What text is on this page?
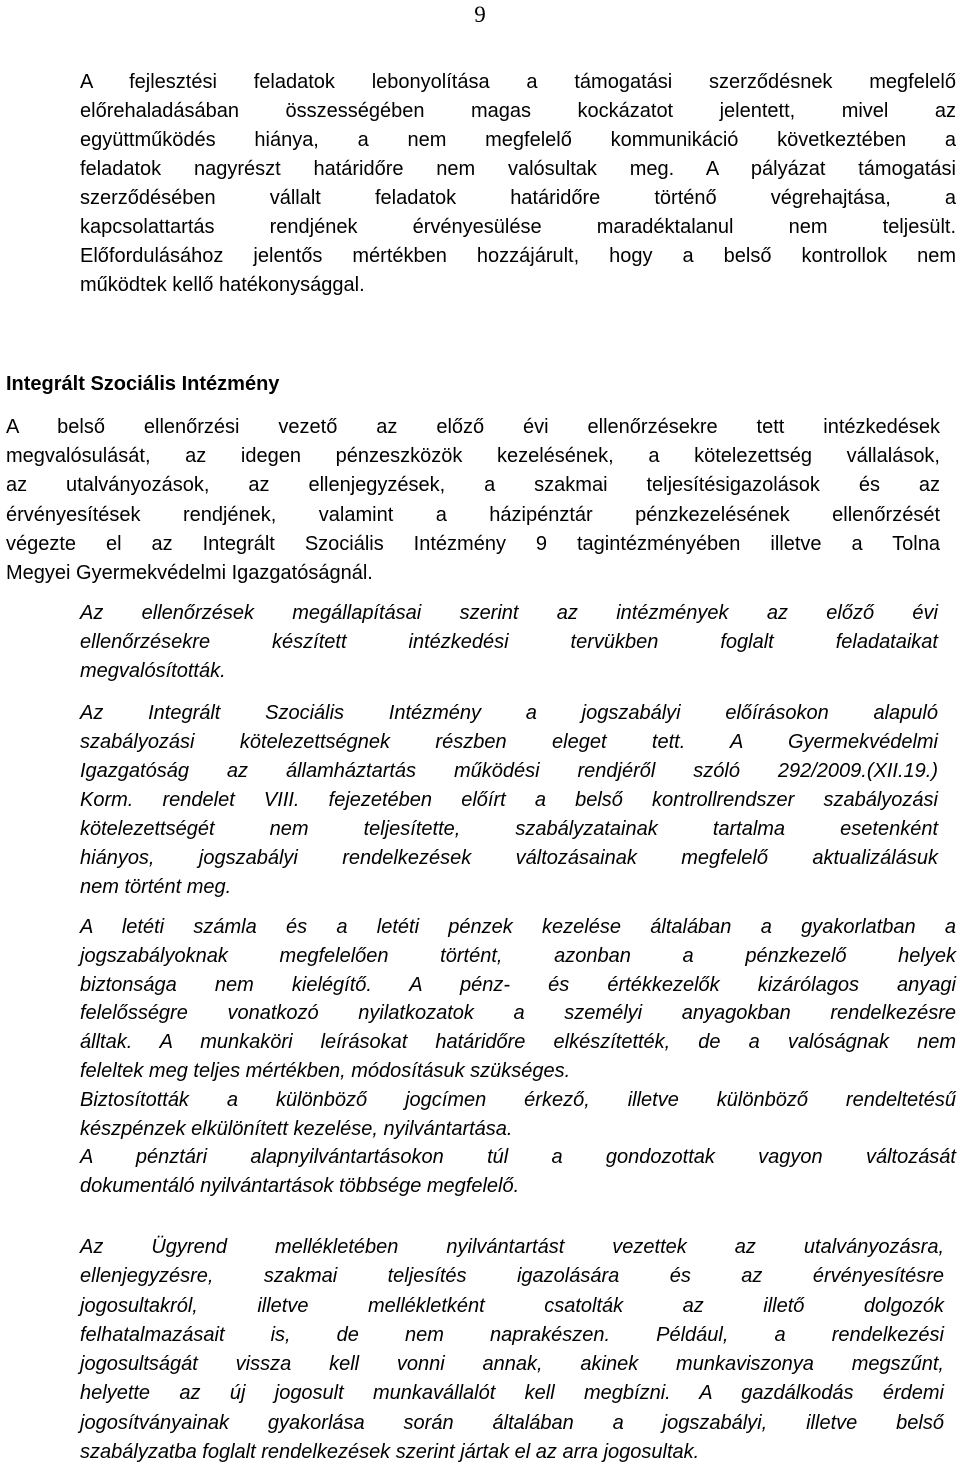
9
A fejlesztési feladatok lebonyolítása a támogatási szerződésnek megfelelő
előrehaladásában összességében magas kockázatot jelentett, mivel az
együttműködés hiánya, a nem megfelelő kommunikáció következtében a
feladatok nagyrészt határidőre nem valósultak meg. A pályázat támogatási
szerződésében vállalt feladatok határidőre történő végrehajtása, a
kapcsolattartás rendjének érvényesülése maradéktalanul nem teljesült.
Előfordulásához jelentős mértékben hozzájárult, hogy a belső kontrollok nem
működtek kellő hatékonysággal.
Integrált Szociális Intézmény
A belső ellenőrzési vezető az előző évi ellenőrzésekre tett intézkedések
megvalósulását, az idegen pénzeszközök kezelésének, a kötelezettség vállalások,
az utalványozások, az ellenjegyzések, a szakmai teljesítésigazolások és az
érvényesítések rendjének, valamint a házipénztár pénzkezelésének ellenőrzését
végezte el az Integrált Szociális Intézmény 9 tagintézményében illetve a Tolna
Megyei Gyermekvédelmi Igazgatóságnál.
Az ellenőrzések megállapításai szerint az intézmények az előző évi
ellenőrzésekre készített intézkedési tervükben foglalt feladataikat
megvalósították.
Az Integrált Szociális Intézmény a jogszabályi előírásokon alapuló
szabályozási kötelezettségnek részben eleget tett. A Gyermekvédelmi
Igazgatóság az államháztartás működési rendjéről szóló 292/2009.(XII.19.)
Korm. rendelet VIII. fejezetében előírt a belső kontrollrendszer szabályozási
kötelezettségét nem teljesítette, szabályzatainak tartalma esetenként
hiányos, jogszabályi rendelkezések változásainak megfelelő aktualizálásuk
nem történt meg.
A letéti számla és a letéti pénzek kezelése általában a gyakorlatban a
jogszabályoknak megfelelően történt, azonban a pénzkezelő helyek
biztonsága nem kielégítő. A pénz- és értékkezelők kizárólagos anyagi
felelősségre vonatkozó nyilatkozatok a személyi anyagokban rendelkezésre
álltak. A munkaköri leírásokat határidőre elkészítették, de a valóságnak nem
feleltek meg teljes mértékben, módosításuk szükséges.
Biztosították a különböző jogcímen érkező, illetve különböző rendeltetésű
készpénzek elkülönített kezelése, nyilvántartása.
A pénztári alapnyilvántartásokon túl a gondozottak vagyon változását
dokumentáló nyilvántartások többsége megfelelő.
Az Ügyrend mellékletében nyilvántartást vezettek az utalványozásra,
ellenjegyzésre, szakmai teljesítés igazolására és az érvényesítésre
jogosultakról, illetve mellékletként csatolták az illető dolgozók
felhatalmazásait is, de nem naprakészen. Például, a rendelkezési
jogosultságát vissza kell vonni annak, akinek munkaviszonya megszűnt,
helyette az új jogosult munkavállalót kell megbízni. A gazdálkodás érdemi
jogosítványainak gyakorlása során általában a jogszabályi, illetve belső
szabályzatba foglalt rendelkezések szerint jártak el az arra jogosultak.
